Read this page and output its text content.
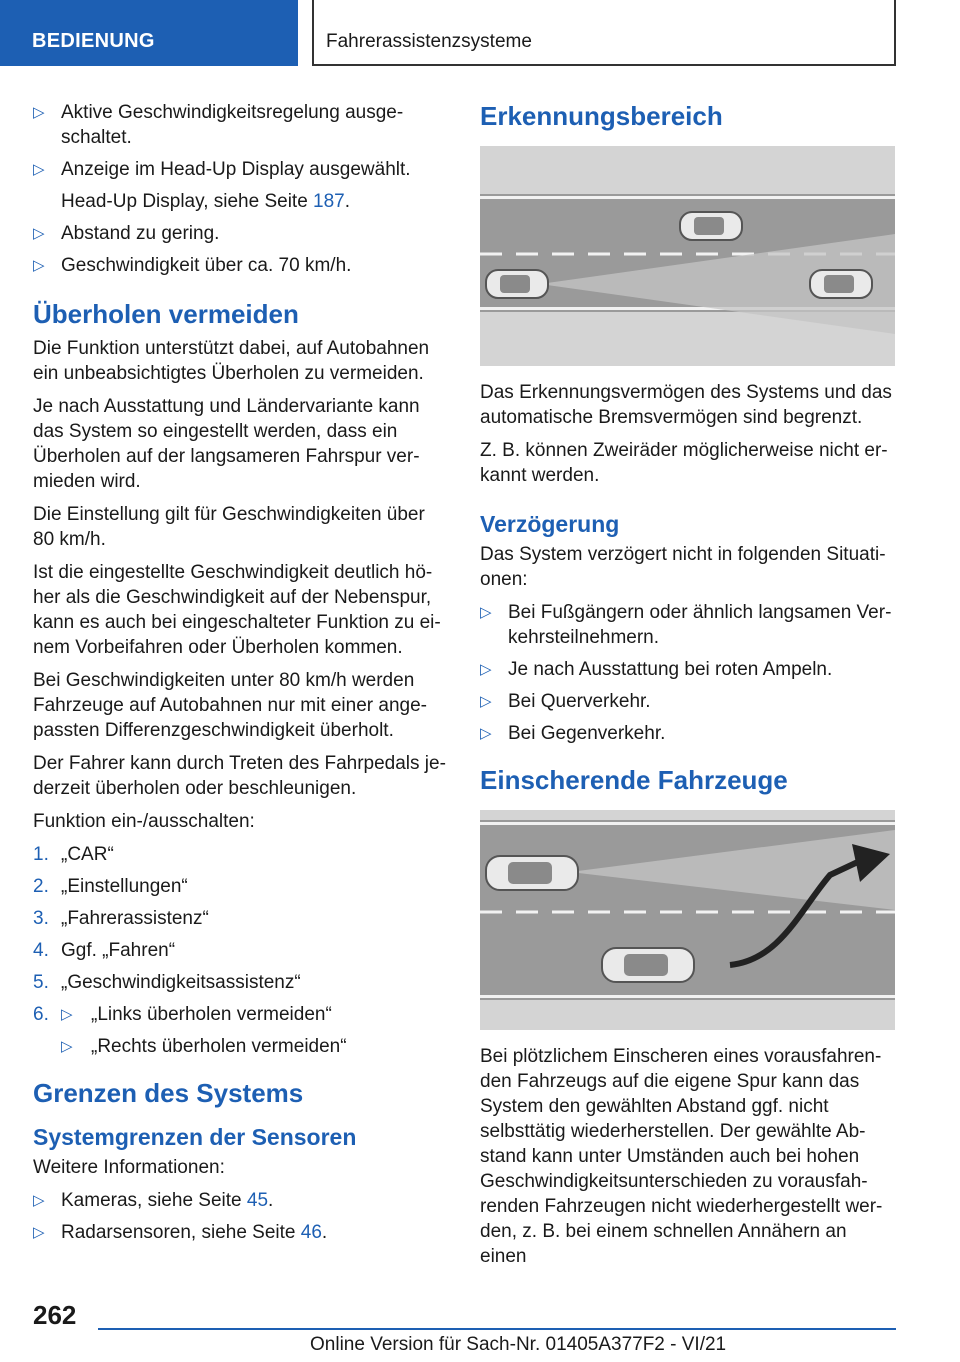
BEDIENUNG	Fahrerassistenzsysteme
▷ Aktive Geschwindigkeitsregelung ausge-schaltet.
▷ Anzeige im Head-Up Display ausgewählt.
Head-Up Display, siehe Seite 187.
▷ Abstand zu gering.
▷ Geschwindigkeit über ca. 70 km/h.
Überholen vermeiden

Die Funktion unterstützt dabei, auf Autobahnen ein unbeabsichtigtes Überholen zu vermeiden.

Je nach Ausstattung und Ländervariante kann das System so eingestellt werden, dass ein Überholen auf der langsameren Fahrspur ver-mieden wird.

Die Einstellung gilt für Geschwindigkeiten über 80 km/h.

Ist die eingestellte Geschwindigkeit deutlich hö-her als die Geschwindigkeit auf der Nebenspur, kann es auch bei eingeschalteter Funktion zu ei-nem Vorbeifahren oder Überholen kommen.

Bei Geschwindigkeiten unter 80 km/h werden Fahrzeuge auf Autobahnen nur mit einer ange-passten Differenzgeschwindigkeit überholt.

Der Fahrer kann durch Treten des Fahrpedals je-derzeit überholen oder beschleunigen.

Funktion ein-/ausschalten:

1. „CAR“
2. „Einstellungen“
3. „Fahrerassistenz“
4. Ggf. „Fahren“
5. „Geschwindigkeitsassistenz“
6. ▷ „Links überholen vermeiden“
▷ „Rechts überholen vermeiden“
Grenzen des Systems
Systemgrenzen der Sensoren

Weitere Informationen:

▷ Kameras, siehe Seite 45.
▷ Radarsensoren, siehe Seite 46.
Erkennungsbereich

Das Erkennungsvermögen des Systems und das automatische Bremsvermögen sind begrenzt.

Z. B. können Zweiräder möglicherweise nicht er-kannt werden.

Verzögerung

Das System verzögert nicht in folgenden Situati-onen:

▷ Bei Fußgängern oder ähnlich langsamen Ver-kehrsteilnehmern.
▷ Je nach Ausstattung bei roten Ampeln.
▷ Bei Querverkehr.
▷ Bei Gegenverkehr.
Einscherende Fahrzeuge

Bei plötzlichem Einscheren eines vorausfahren-den Fahrzeugs auf die eigene Spur kann das System den gewählten Abstand ggf. nicht selbsttätig wiederherstellen. Der gewählte Ab-stand kann unter Umständen auch bei hohen Geschwindigkeitsunterschieden zu vorausfah-renden Fahrzeugen nicht wiederhergestellt wer-den, z. B. bei einem schnellen Annähern an einen

262
Online Version für Sach-Nr. 01405A377F2 - VI/21
